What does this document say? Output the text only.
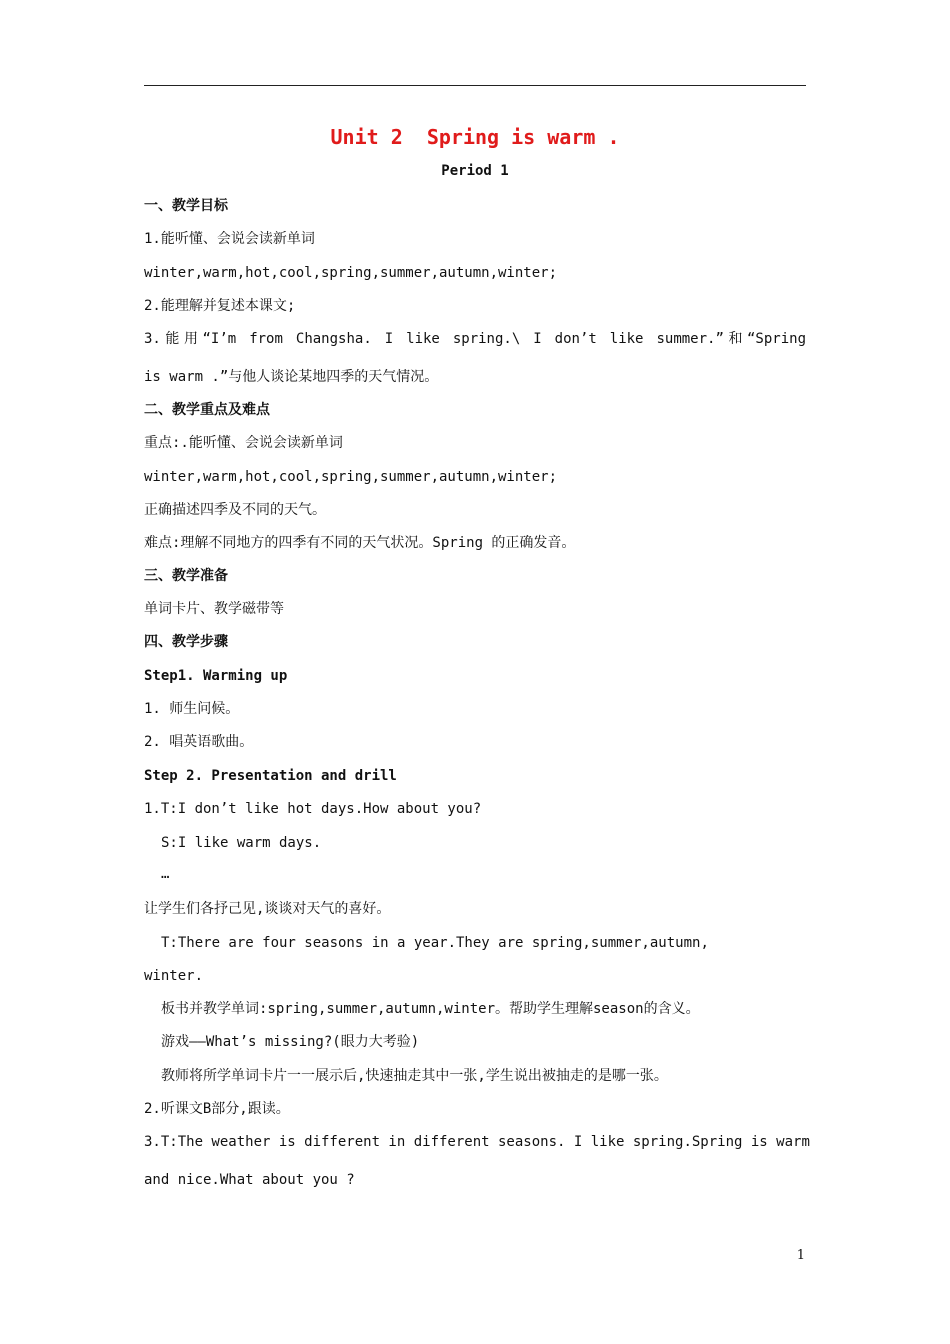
Unit 2  Spring is warm .
Period 1
一、教学目标
1.能听懂、会说会读新单词
winter,warm,hot,cool,spring,summer,autumn,winter;
2.能理解并复述本课文;
3.能用“I’m from Changsha. I like spring.\ I don’t like summer.”和“Spring
is warm .”与他人谈论某地四季的天气情况。
二、教学重点及难点
重点:.能听懂、会说会读新单词
winter,warm,hot,cool,spring,summer,autumn,winter;
正确描述四季及不同的天气。
难点:理解不同地方的四季有不同的天气状况。Spring 的正确发音。
三、教学准备
单词卡片、教学磁带等
四、教学步骤
Step1. Warming up
1. 师生问候。
2. 唱英语歌曲。
Step 2. Presentation and drill
1.T:I don’t like hot days.How about you?
S:I like warm days.
…
让学生们各抒己见,谈谈对天气的喜好。
T:There are four seasons in a year.They are spring,summer,autumn,
winter.
板书并教学单词:spring,summer,autumn,winter。帮助学生理解season的含义。
游戏——What’s missing?(眼力大考验)
教师将所学单词卡片一一展示后,快速抽走其中一张,学生说出被抽走的是哪一张。
2.听课文B部分,跟读。
3.T:The weather is different in different seasons. I like spring.Spring is warm
and nice.What about you ?
1
